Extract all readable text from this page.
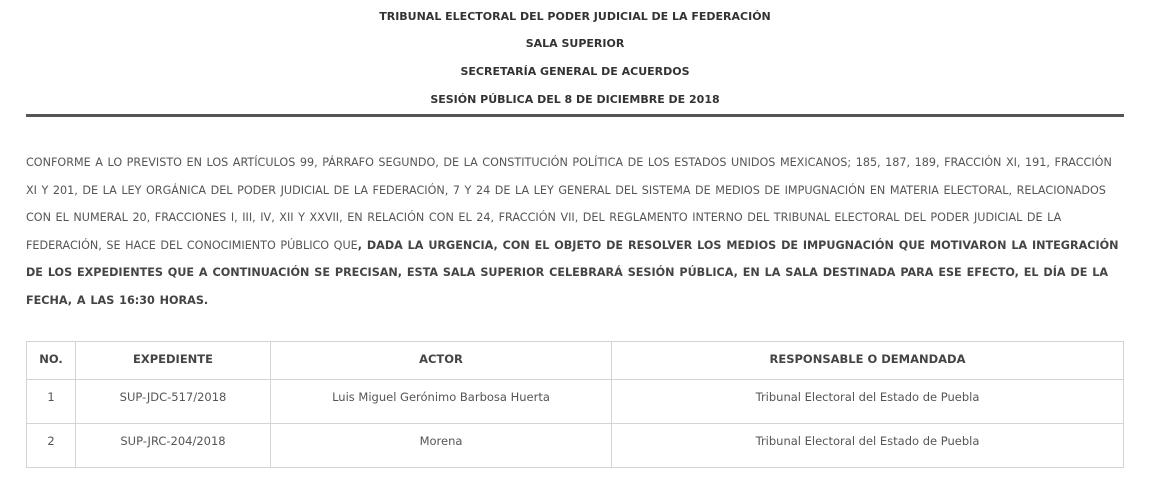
TRIBUNAL ELECTORAL DEL PODER JUDICIAL DE LA FEDERACIÓN
SALA SUPERIOR
SECRETARÍA GENERAL DE ACUERDOS
SESIÓN PÚBLICA DEL 8 DE DICIEMBRE DE 2018
CONFORME A LO PREVISTO EN LOS ARTÍCULOS 99, PÁRRAFO SEGUNDO, DE LA CONSTITUCIÓN POLÍTICA DE LOS ESTADOS UNIDOS MEXICANOS; 185, 187, 189, FRACCIÓN XI, 191, FRACCIÓN XI Y 201, DE LA LEY ORGÁNICA DEL PODER JUDICIAL DE LA FEDERACIÓN, 7 Y 24 DE LA LEY GENERAL DEL SISTEMA DE MEDIOS DE IMPUGNACIÓN EN MATERIA ELECTORAL, RELACIONADOS CON EL NUMERAL 20, FRACCIONES I, III, IV, XII Y XXVII, EN RELACIÓN CON EL 24, FRACCIÓN VII, DEL REGLAMENTO INTERNO DEL TRIBUNAL ELECTORAL DEL PODER JUDICIAL DE LA FEDERACIÓN, SE HACE DEL CONOCIMIENTO PÚBLICO QUE, DADA LA URGENCIA, CON EL OBJETO DE RESOLVER LOS MEDIOS DE IMPUGNACIÓN QUE MOTIVARON LA INTEGRACIÓN DE LOS EXPEDIENTES QUE A CONTINUACIÓN SE PRECISAN, ESTA SALA SUPERIOR CELEBRARÁ SESIÓN PÚBLICA, EN LA SALA DESTINADA PARA ESE EFECTO, EL DÍA DE LA FECHA, A LAS 16:30 HORAS.
NO.	EXPEDIENTE	ACTOR	RESPONSABLE O DEMANDADA
1	SUP-JDC-517/2018	Luis Miguel Gerónimo Barbosa Huerta	Tribunal Electoral del Estado de Puebla
2	SUP-JRC-204/2018	Morena	Tribunal Electoral del Estado de Puebla
